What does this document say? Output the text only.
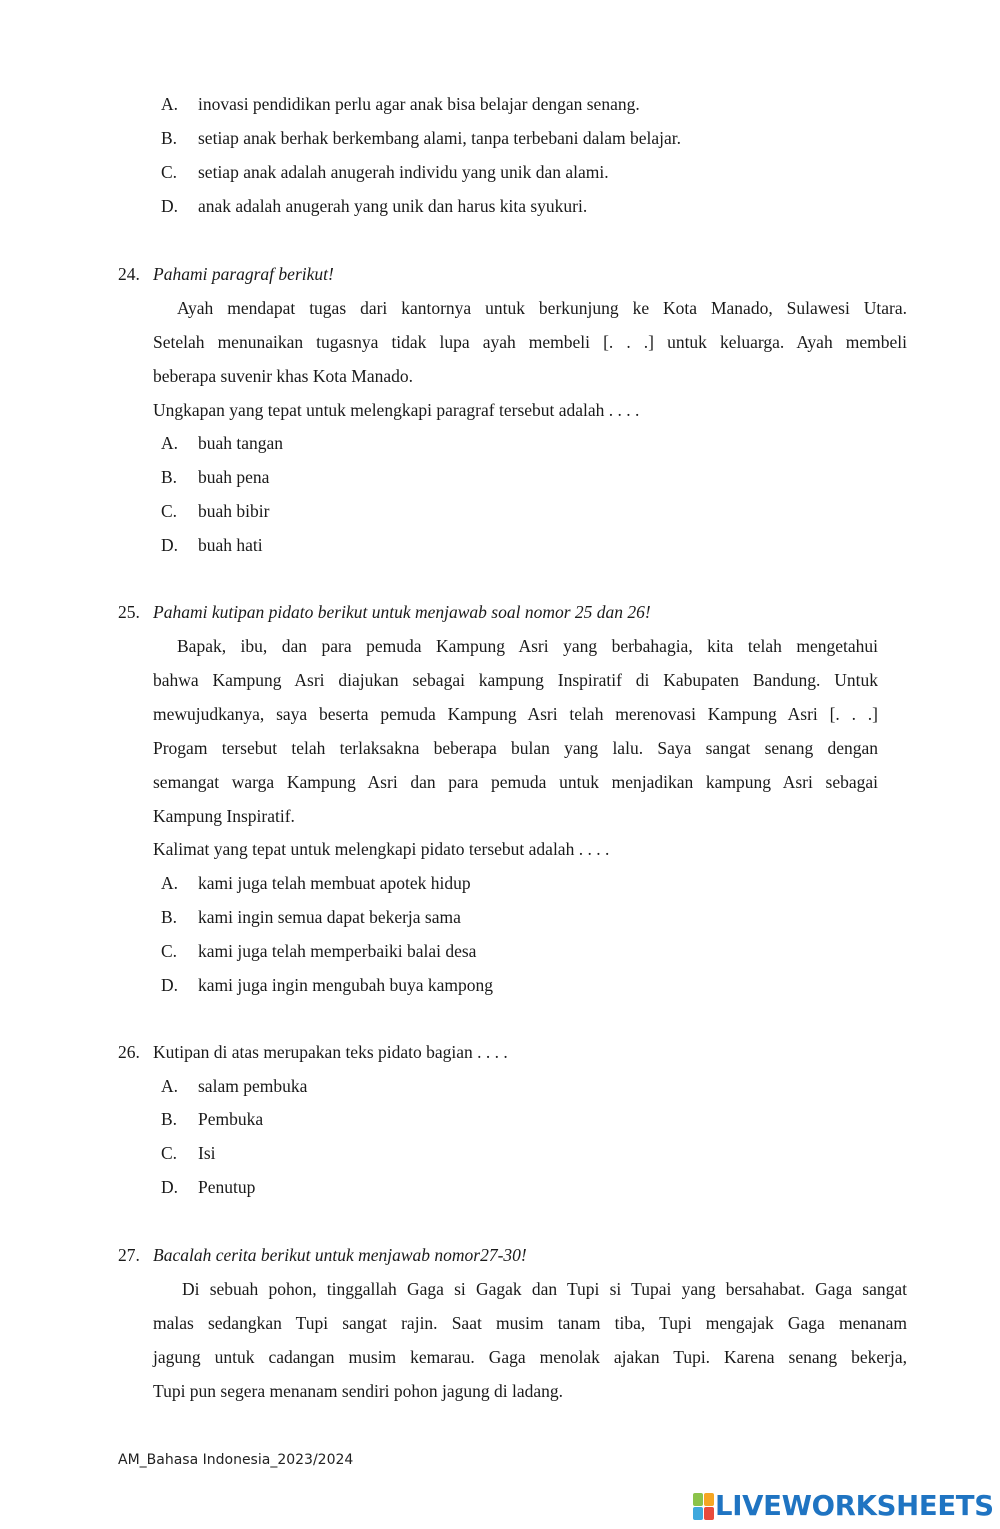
A. inovasi pendidikan perlu agar anak bisa belajar dengan senang.
B. setiap anak berhak berkembang alami, tanpa terbebani dalam belajar.
C. setiap anak adalah anugerah individu yang unik dan alami.
D. anak adalah anugerah yang unik dan harus kita syukuri.
24. Pahami paragraf berikut!
Ayah mendapat tugas dari kantornya untuk berkunjung ke Kota Manado, Sulawesi Utara.
Setelah menunaikan tugasnya tidak lupa ayah membeli [. . .] untuk keluarga. Ayah membeli
beberapa suvenir khas Kota Manado.
Ungkapan yang tepat untuk melengkapi paragraf tersebut adalah . . . .
A. buah tangan
B. buah pena
C. buah bibir
D. buah hati
25. Pahami kutipan pidato berikut untuk menjawab soal nomor 25 dan 26!
Bapak, ibu, dan para pemuda Kampung Asri yang berbahagia, kita telah mengetahui
bahwa Kampung Asri diajukan sebagai kampung Inspiratif di Kabupaten Bandung. Untuk
mewujudkanya, saya beserta pemuda Kampung Asri telah merenovasi Kampung Asri [. . .]
Progam tersebut telah terlaksakna beberapa bulan yang lalu. Saya sangat senang dengan
semangat warga Kampung Asri dan para pemuda untuk menjadikan kampung Asri sebagai
Kampung Inspiratif.
Kalimat yang tepat untuk melengkapi pidato tersebut adalah . . . .
A. kami juga telah membuat apotek hidup
B. kami ingin semua dapat bekerja sama
C. kami juga telah memperbaiki balai desa
D. kami juga ingin mengubah buya kampong
26. Kutipan di atas merupakan teks pidato bagian . . . .
A. salam pembuka
B. Pembuka
C. Isi
D. Penutup
27. Bacalah cerita berikut untuk menjawab nomor27-30!
Di sebuah pohon, tinggallah Gaga si Gagak dan Tupi si Tupai yang bersahabat. Gaga sangat
malas sedangkan Tupi sangat rajin. Saat musim tanam tiba, Tupi mengajak Gaga menanam
jagung untuk cadangan musim kemarau. Gaga menolak ajakan Tupi. Karena senang bekerja,
Tupi pun segera menanam sendiri pohon jagung di ladang.
AM_Bahasa Indonesia_2023/2024
LIVEWORKSHEETS
